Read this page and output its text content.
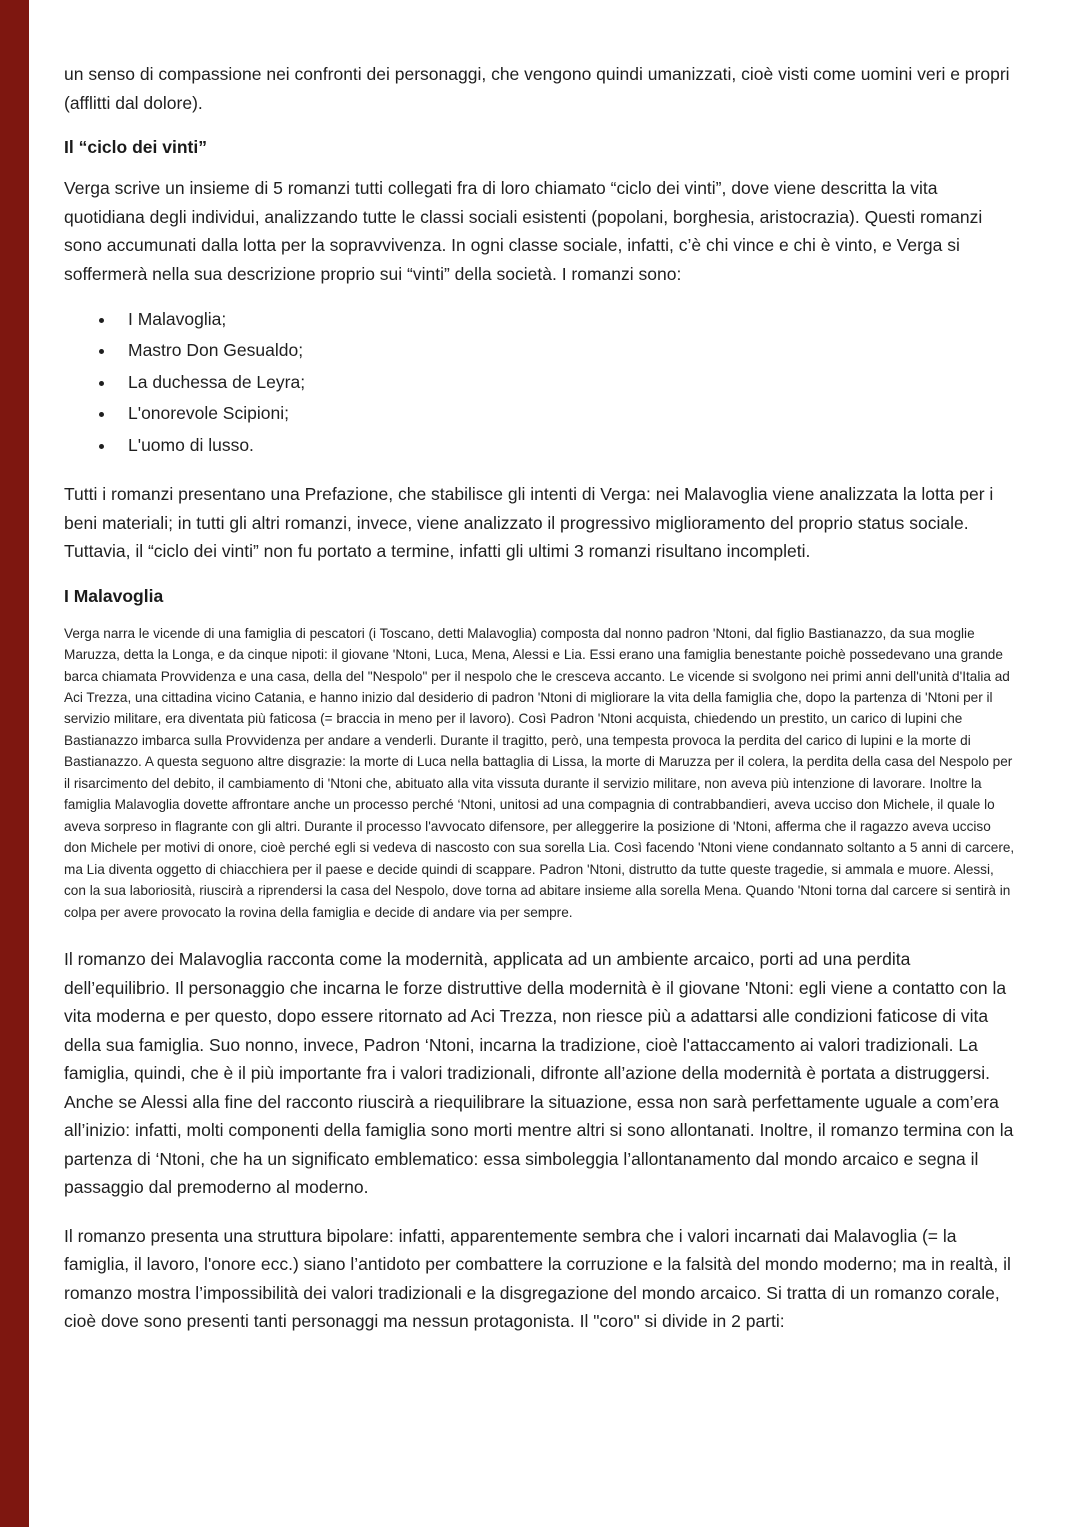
un senso di compassione nei confronti dei personaggi, che vengono quindi umanizzati, cioè visti come uomini veri e propri (afflitti dal dolore).

Il “ciclo dei vinti”

Verga scrive un insieme di 5 romanzi tutti collegati fra di loro chiamato “ciclo dei vinti”, dove viene descritta la vita quotidiana degli individui, analizzando tutte le classi sociali esistenti (popolani, borghesia, aristocrazia). Questi romanzi sono accumunati dalla lotta per la sopravvivenza. In ogni classe sociale, infatti, c’è chi vince e chi è vinto, e Verga si soffermerà nella sua descrizione proprio sui “vinti” della società. I romanzi sono:

• I Malavoglia;
• Mastro Don Gesualdo;
• La duchessa de Leyra;
• L'onorevole Scipioni;
• L'uomo di lusso.

Tutti i romanzi presentano una Prefazione, che stabilisce gli intenti di Verga: nei Malavoglia viene analizzata la lotta per i beni materiali; in tutti gli altri romanzi, invece, viene analizzato il progressivo miglioramento del proprio status sociale. Tuttavia, il “ciclo dei vinti” non fu portato a termine, infatti gli ultimi 3 romanzi risultano incompleti.

I Malavoglia

Verga narra le vicende di una famiglia di pescatori (i Toscano, detti Malavoglia) composta dal nonno padron 'Ntoni, dal figlio Bastianazzo, da sua moglie Maruzza, detta la Longa, e da cinque nipoti: il giovane 'Ntoni, Luca, Mena, Alessi e Lia. Essi erano una famiglia benestante poichè possedevano una grande barca chiamata Provvidenza e una casa, della del "Nespolo" per il nespolo che le cresceva accanto. Le vicende si svolgono nei primi anni dell'unità d'Italia ad Aci Trezza, una cittadina vicino Catania, e hanno inizio dal desiderio di padron 'Ntoni di migliorare la vita della famiglia che, dopo la partenza di 'Ntoni per il servizio militare, era diventata più faticosa (= braccia in meno per il lavoro). Così Padron 'Ntoni acquista, chiedendo un prestito, un carico di lupini che Bastianazzo imbarca sulla Provvidenza per andare a venderli. Durante il tragitto, però, una tempesta provoca la perdita del carico di lupini e la morte di Bastianazzo. A questa seguono altre disgrazie: la morte di Luca nella battaglia di Lissa, la morte di Maruzza per il colera, la perdita della casa del Nespolo per il risarcimento del debito, il cambiamento di 'Ntoni che, abituato alla vita vissuta durante il servizio militare, non aveva più intenzione di lavorare. Inoltre la famiglia Malavoglia dovette affrontare anche un processo perché ‘Ntoni, unitosi ad una compagnia di contrabbandieri, aveva ucciso don Michele, il quale lo aveva sorpreso in flagrante con gli altri. Durante il processo l'avvocato difensore, per alleggerire la posizione di 'Ntoni, afferma che il ragazzo aveva ucciso don Michele per motivi di onore, cioè perché egli si vedeva di nascosto con sua sorella Lia. Così facendo 'Ntoni viene condannato soltanto a 5 anni di carcere, ma Lia diventa oggetto di chiacchiera per il paese e decide quindi di scappare. Padron 'Ntoni, distrutto da tutte queste tragedie, si ammala e muore. Alessi, con la sua laboriosità, riuscirà a riprendersi la casa del Nespolo, dove torna ad abitare insieme alla sorella Mena. Quando 'Ntoni torna dal carcere si sentirà in colpa per avere provocato la rovina della famiglia e decide di andare via per sempre.

Il romanzo dei Malavoglia racconta come la modernità, applicata ad un ambiente arcaico, porti ad una perdita dell’equilibrio. Il personaggio che incarna le forze distruttive della modernità è il giovane 'Ntoni: egli viene a contatto con la vita moderna e per questo, dopo essere ritornato ad Aci Trezza, non riesce più a adattarsi alle condizioni faticose di vita della sua famiglia. Suo nonno, invece, Padron ‘Ntoni, incarna la tradizione, cioè l'attaccamento ai valori tradizionali. La famiglia, quindi, che è il più importante fra i valori tradizionali, difronte all’azione della modernità è portata a distruggersi. Anche se Alessi alla fine del racconto riuscirà a riequilibrare la situazione, essa non sarà perfettamente uguale a com’era all’inizio: infatti, molti componenti della famiglia sono morti mentre altri si sono allontanati. Inoltre, il romanzo termina con la partenza di ‘Ntoni, che ha un significato emblematico: essa simboleggia l’allontanamento dal mondo arcaico e segna il passaggio dal premoderno al moderno.

Il romanzo presenta una struttura bipolare: infatti, apparentemente sembra che i valori incarnati dai Malavoglia (= la famiglia, il lavoro, l'onore ecc.) siano l’antidoto per combattere la corruzione e la falsità del mondo moderno; ma in realtà, il romanzo mostra l’impossibilità dei valori tradizionali e la disgregazione del mondo arcaico. Si tratta di un romanzo corale, cioè dove sono presenti tanti personaggi ma nessun protagonista. Il "coro" si divide in 2 parti:
